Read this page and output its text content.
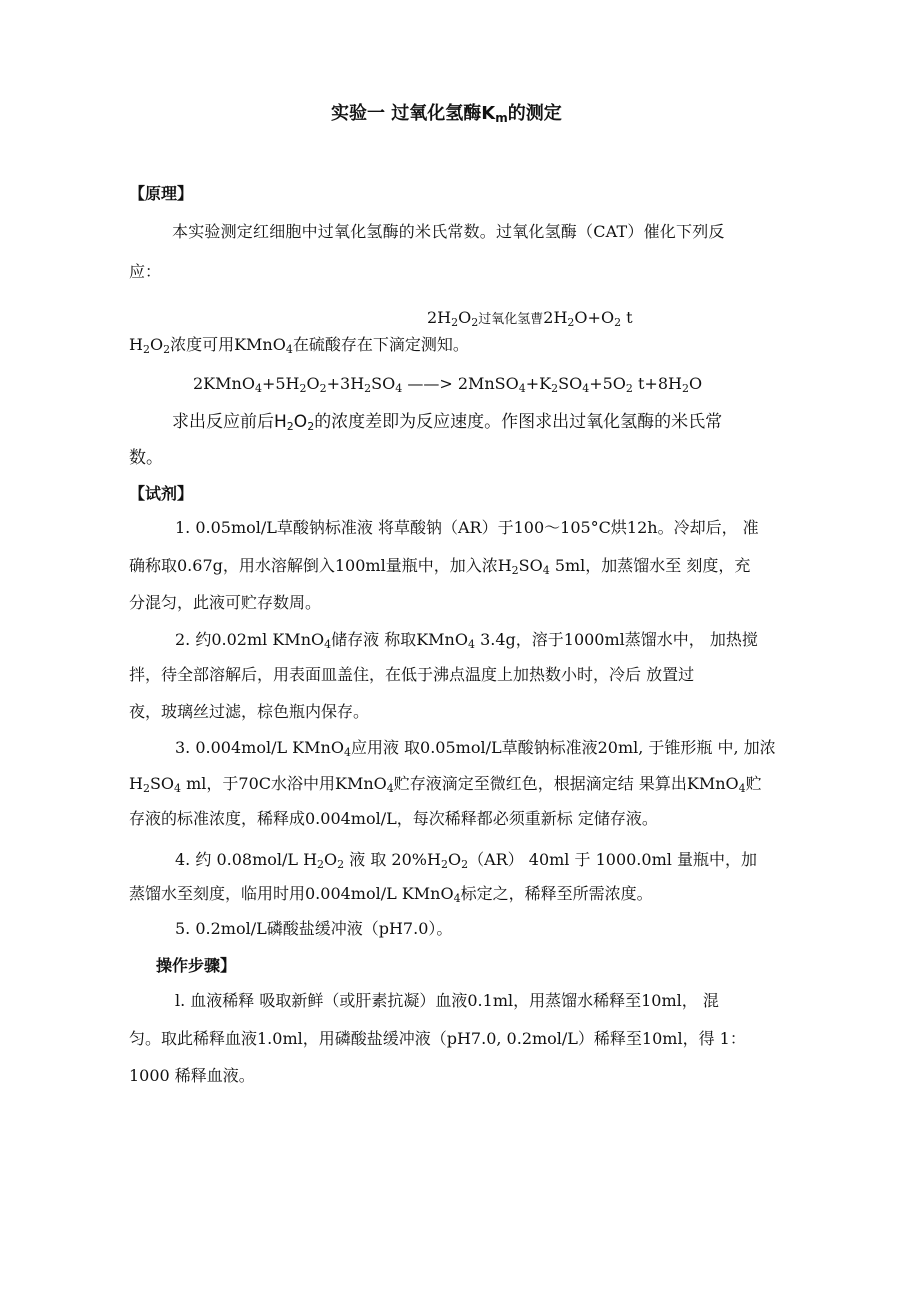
实验一 过氧化氢酶$K_m$的测定
【原理】
本实验测定红细胞中过氧化氢酶的米氏常数。过氧化氢酶（CAT）催化下列反
应：
$2H_2O_2$过氧化氢曹$2H_2O+O_2$ t
$H_2O_2$浓度可用KMnO$_4$在硫酸存在下滴定测知。
$2KMnO_4+5H_2O_2+3H_2SO_4$ ——> $2MnSO_4+K_2SO_4+5O_2$ $t+8H_2O$
求出反应前后$H_2O_2$的浓度差即为反应速度。作图求出过氧化氢酶的米氏常
数。
【试剂】
1. 0.05mol/L草酸钠标准液 将草酸钠（AR）于100〜105°C烘12h。冷却后， 准
确称取0.67g，用水溶解倒入100ml量瓶中，加入浓$H_2SO_4$ 5ml，加蒸馏水至 刻度，充
分混匀，此液可贮存数周。
2. 约0.02ml KMnO$_4$储存液 称取KMnO$_4$ 3.4g，溶于1000ml蒸馏水中， 加热搅
拌，待全部溶解后，用表面皿盖住，在低于沸点温度上加热数小时，冷后 放置过
夜，玻璃丝过滤，棕色瓶内保存。
3. 0.004mol/L KMnO$_4$应用液 取0.05mol/L草酸钠标准液20ml, 于锥形瓶 中, 加浓
$H_2SO_4$ ml，于70C水浴中用KMnO$_4$贮存液滴定至微红色，根据滴定结 果算出KMnO$_4$贮
存液的标准浓度，稀释成0.004mol/L，每次稀释都必须重新标 定储存液。
4. 约 0.08mol/L $H_2O_2$ 液 取 $20\%H_2O_2(AR)$ 40ml 于 1000.0ml 量瓶中，加
蒸馏水至刻度，临用时用0.004mol/L KMnO$_4$标定之，稀释至所需浓度。
5. 0.2mol/L磷酸盐缓冲液（pH7.0）。
操作步骤】
l. 血液稀释 吸取新鲜（或肝素抗凝）血液0.1ml，用蒸馏水稀释至10ml， 混
匀。取此稀释血液1.0ml，用磷酸盐缓冲液（pH7.0, 0.2mol/L）稀释至10ml，得 1：
1000 稀释血液。
